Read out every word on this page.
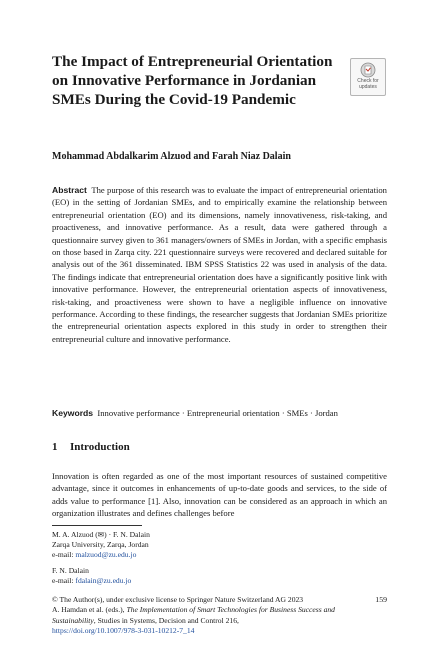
The Impact of Entrepreneurial Orientation on Innovative Performance in Jordanian SMEs During the Covid-19 Pandemic
Check for
updates

Mohammad Abdalkarim Alzuod and Farah Niaz Dalain

Abstract The purpose of this research was to evaluate the impact of entrepreneurial orientation (EO) in the setting of Jordanian SMEs, and to empirically examine the relationship between entrepreneurial orientation (EO) and its dimensions, namely innovativeness, risk-taking, and proactiveness, and innovative performance. As a result, data were gathered through a questionnaire survey given to 361 managers/owners of SMEs in Jordan, with a specific emphasis on those based in Zarqa city. 221 questionnaire surveys were recovered and declared suitable for analysis out of the 361 disseminated. IBM SPSS Statistics 22 was used in analysis of the data. The findings indicate that entrepreneurial orientation does have a significantly positive link with innovative performance. However, the entrepreneurial orientation aspects of innovativeness, risk-taking, and proactiveness were shown to have a negligible influence on innovative performance. According to these findings, the researcher suggests that Jordanian SMEs prioritize the entrepreneurial orientation aspects explored in this study in order to strengthen their entrepreneurial culture and innovative performance.

Keywords Innovative performance · Entrepreneurial orientation · SMEs · Jordan

1 Introduction

Innovation is often regarded as one of the most important resources of sustained competitive advantage, since it outcomes in enhancements of up-to-date goods and services, to the side of adds value to performance [1]. Also, innovation can be considered as an approach in which an organization illustrates and defines challenges before

M. A. Alzuod (✉) · F. N. Dalain
Zarqa University, Zarqa, Jordan
e-mail: malzuod@zu.edu.jo
F. N. Dalain
e-mail: fdalain@zu.edu.jo

© The Author(s), under exclusive license to Springer Nature Switzerland AG 2023
A. Hamdan et al. (eds.), The Implementation of Smart Technologies for Business Success and Sustainability, Studies in Systems, Decision and Control 216,
https://doi.org/10.1007/978-3-031-10212-7_14

159
